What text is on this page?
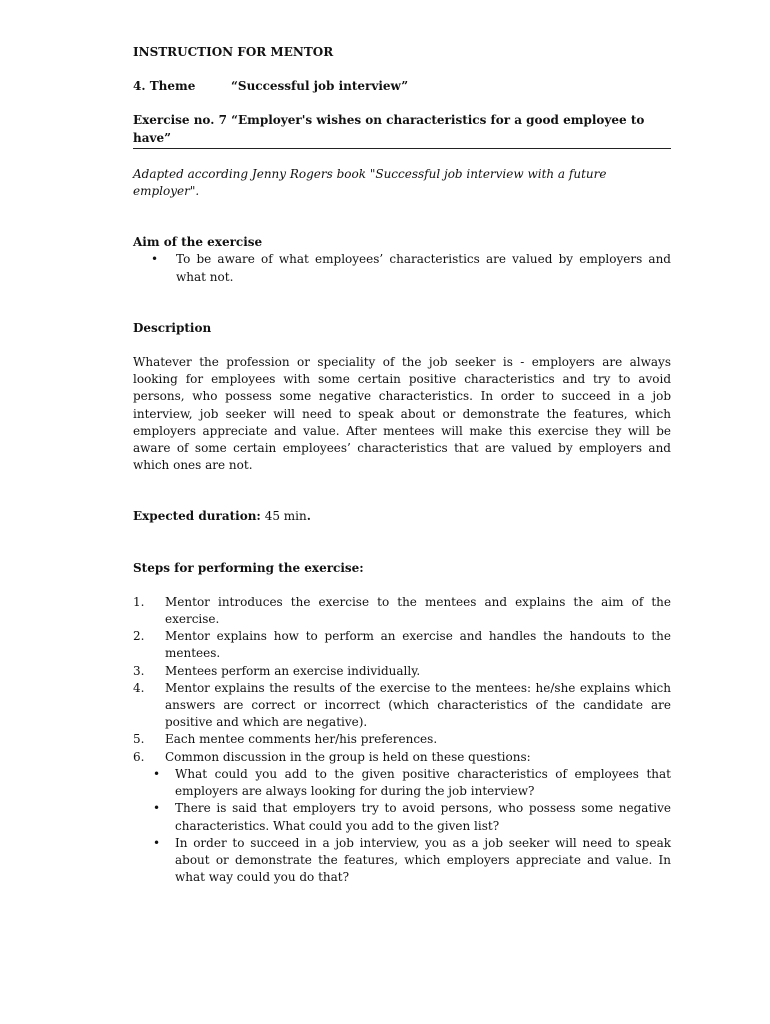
INSTRUCTION FOR MENTOR

4. Theme	“Successful job interview”

Exercise no. 7 “Employer's wishes on characteristics for a good employee to have”

Adapted according Jenny Rogers book "Successful job interview with a future employer".

Aim of the exercise

•	To be aware of what employees’ characteristics are valued by employers and what not.

Description

Whatever the profession or speciality of the job seeker is - employers are always looking for employees with some certain positive characteristics and try to avoid persons, who possess some negative characteristics. In order to succeed in a job interview, job seeker will need to speak about or demonstrate the features, which employers appreciate and value. After mentees will make this exercise they will be aware of some certain employees’ characteristics that are valued by employers and which ones are not.

Expected duration: 45 min.

Steps for performing the exercise:

1.	Mentor introduces the exercise to the mentees and explains the aim of the exercise.
2.	Mentor explains how to perform an exercise and handles the handouts to the mentees.
3.	Mentees perform an exercise individually.
4.	Mentor explains the results of the exercise to the mentees: he/she explains which answers are correct or incorrect (which characteristics of the candidate are positive and which are negative).
5.	Each mentee comments her/his preferences.
6.	Common discussion in the group is held on these questions:
•	What could you add to the given positive characteristics of employees that employers are always looking for during the job interview?
•	There is said that employers try to avoid persons, who possess some negative characteristics. What could you add to the given list?
•	In order to succeed in a job interview, you as a job seeker will need to speak about or demonstrate the features, which employers appreciate and value. In what way could you do that?
